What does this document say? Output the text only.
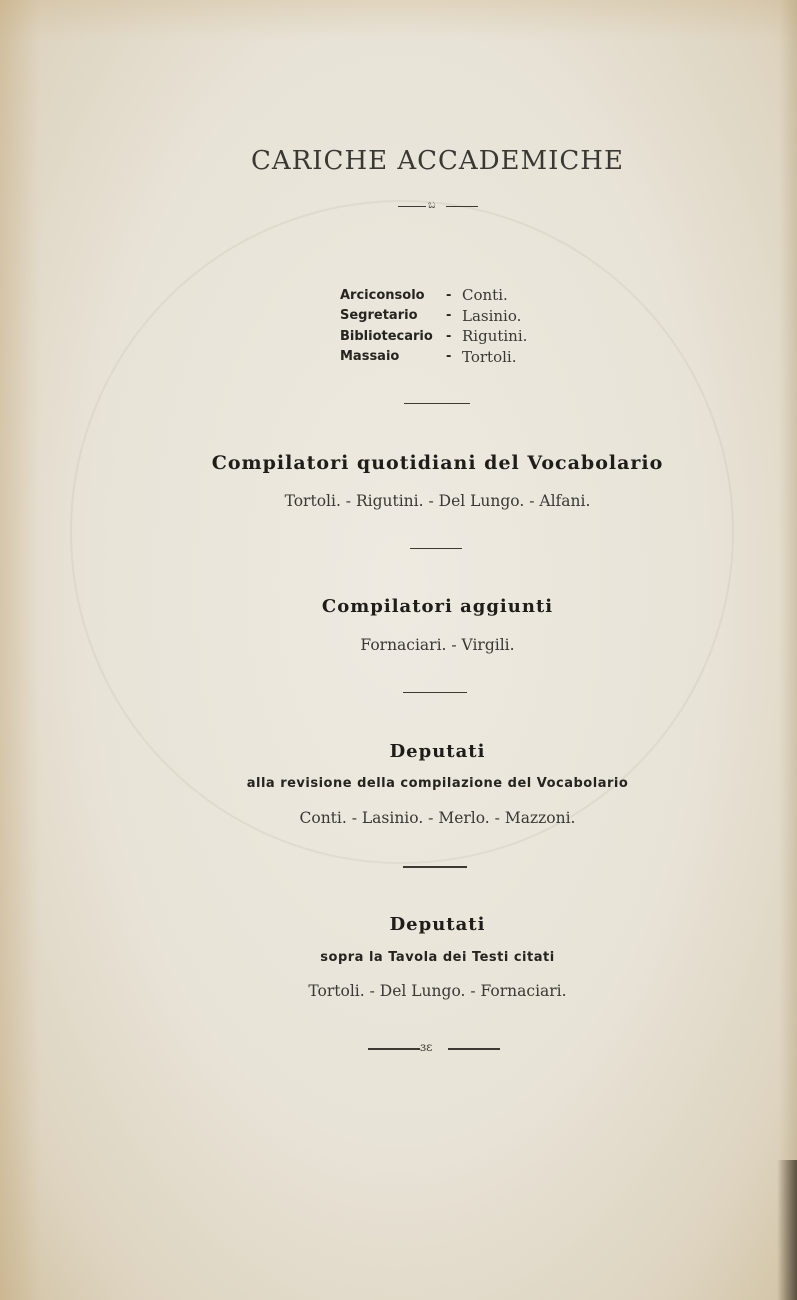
CARICHE ACCADEMICHE
ಬ
Arciconsolo	- Conti.
Segretario	- Lasinio.
Bibliotecario	- Rigutini.
Massaio	- Tortoli.
Compilatori quotidiani del Vocabolario
Tortoli. - Rigutini. - Del Lungo. - Alfani.
Compilatori aggiunti
Fornaciari. - Virgili.
Deputati
alla revisione della compilazione del Vocabolario
Conti. - Lasinio. - Merlo. - Mazzoni.
Deputati
sopra la Tavola dei Testi citati
Tortoli. - Del Lungo. - Fornaciari.
ɜɛ
